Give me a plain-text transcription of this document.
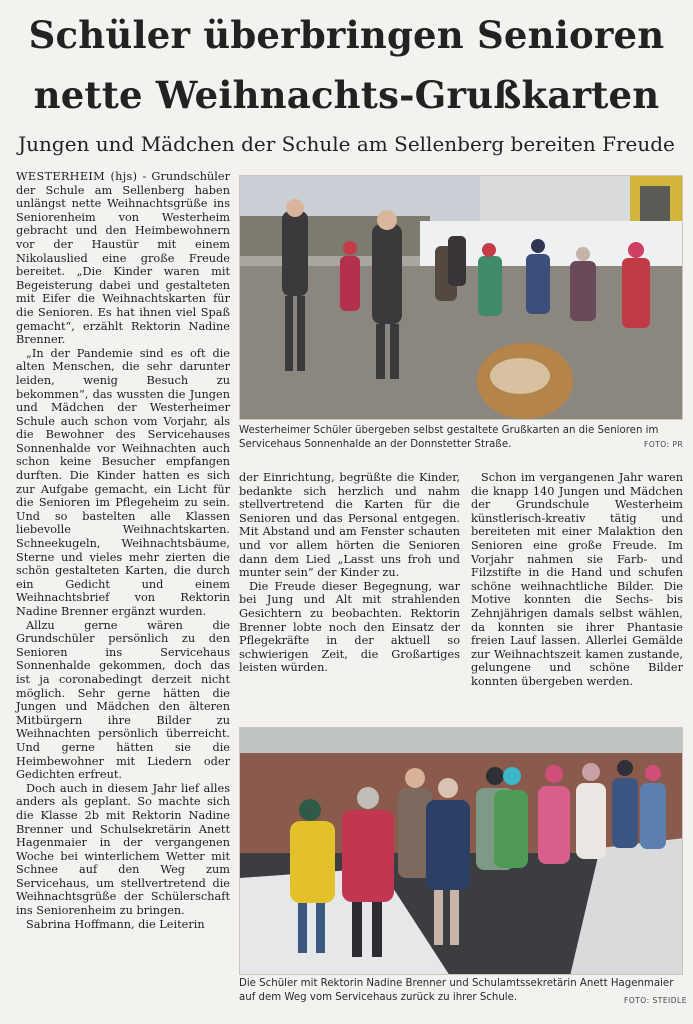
Schüler überbringen Senioren
nette Weihnachts-Grußkarten
Jungen und Mädchen der Schule am Sellenberg bereiten Freude

WESTERHEIM (hjs) - Grundschüler der Schule am Sellenberg haben unlängst nette Weihnachtsgrüße ins Seniorenheim von Westerheim gebracht und den Heimbewohnern vor der Haustür mit einem Nikolauslied eine große Freude bereitet. „Die Kinder waren mit Begeisterung dabei und gestalteten mit Eifer die Weihnachtskarten für die Senioren. Es hat ihnen viel Spaß gemacht“, erzählt Rektorin Nadine Brenner.

„In der Pandemie sind es oft die alten Menschen, die sehr darunter leiden, wenig Besuch zu bekommen“, das wussten die Jungen und Mädchen der Westerheimer Schule auch schon vom Vorjahr, als die Bewohner des Servicehauses Sonnenhalde vor Weihnachten auch schon keine Besucher empfangen durften. Die Kinder hatten es sich zur Aufgabe gemacht, ein Licht für die Senioren im Pflegeheim zu sein. Und so bastelten alle Klassen liebevolle Weihnachtskarten. Schneekugeln, Weihnachtsbäume, Sterne und vieles mehr zierten die schön gestalteten Karten, die durch ein Gedicht und einem Weihnachtsbrief von Rektorin Nadine Brenner ergänzt wurden.

Allzu gerne wären die Grundschüler persönlich zu den Senioren ins Servicehaus Sonnenhalde gekommen, doch das ist ja coronabedingt derzeit nicht möglich. Sehr gerne hätten die Jungen und Mädchen den älteren Mitbürgern ihre Bilder zu Weihnachten persönlich überreicht. Und gerne hätten sie die Heimbewohner mit Liedern oder Gedichten erfreut.

Doch auch in diesem Jahr lief alles anders als geplant. So machte sich die Klasse 2b mit Rektorin Nadine Brenner und Schulsekretärin Anett Hagenmaier in der vergangenen Woche bei winterlichem Wetter mit Schnee auf den Weg zum Servicehaus, um stellvertretend die Weihnachtsgrüße der Schülerschaft ins Seniorenheim zu bringen.

Sabrina Hoffmann, die Leiterin

Westerheimer Schüler übergeben selbst gestaltete Grußkarten an die Senioren im Servicehaus Sonnenhalde an der Donnstetter Straße.	FOTO: PR

der Einrichtung, begrüßte die Kinder, bedankte sich herzlich und nahm stellvertretend die Karten für die Senioren und das Personal entgegen. Mit Abstand und am Fenster schauten und vor allem hörten die Senioren dann dem Lied „Lasst uns froh und munter sein“ der Kinder zu.

Die Freude dieser Begegnung, war bei Jung und Alt mit strahlenden Gesichtern zu beobachten. Rektorin Brenner lobte noch den Einsatz der Pflegekräfte in der aktuell so schwierigen Zeit, die Großartiges leisten würden.

Schon im vergangenen Jahr waren die knapp 140 Jungen und Mädchen der Grundschule Westerheim künstlerisch-kreativ tätig und bereiteten mit einer Malaktion den Senioren eine große Freude. Im Vorjahr nahmen sie Farb- und Filzstifte in die Hand und schufen schöne weihnachtliche Bilder. Die Motive konnten die Sechs- bis Zehnjährigen damals selbst wählen, da konnten sie ihrer Phantasie freien Lauf lassen. Allerlei Gemälde zur Weihnachtszeit kamen zustande, gelungene und schöne Bilder konnten übergeben werden.

Die Schüler mit Rektorin Nadine Brenner und Schulamtssekretärin Anett Hagenmaier auf dem Weg vom Servicehaus zurück zu ihrer Schule.	FOTO: STEIDLE
